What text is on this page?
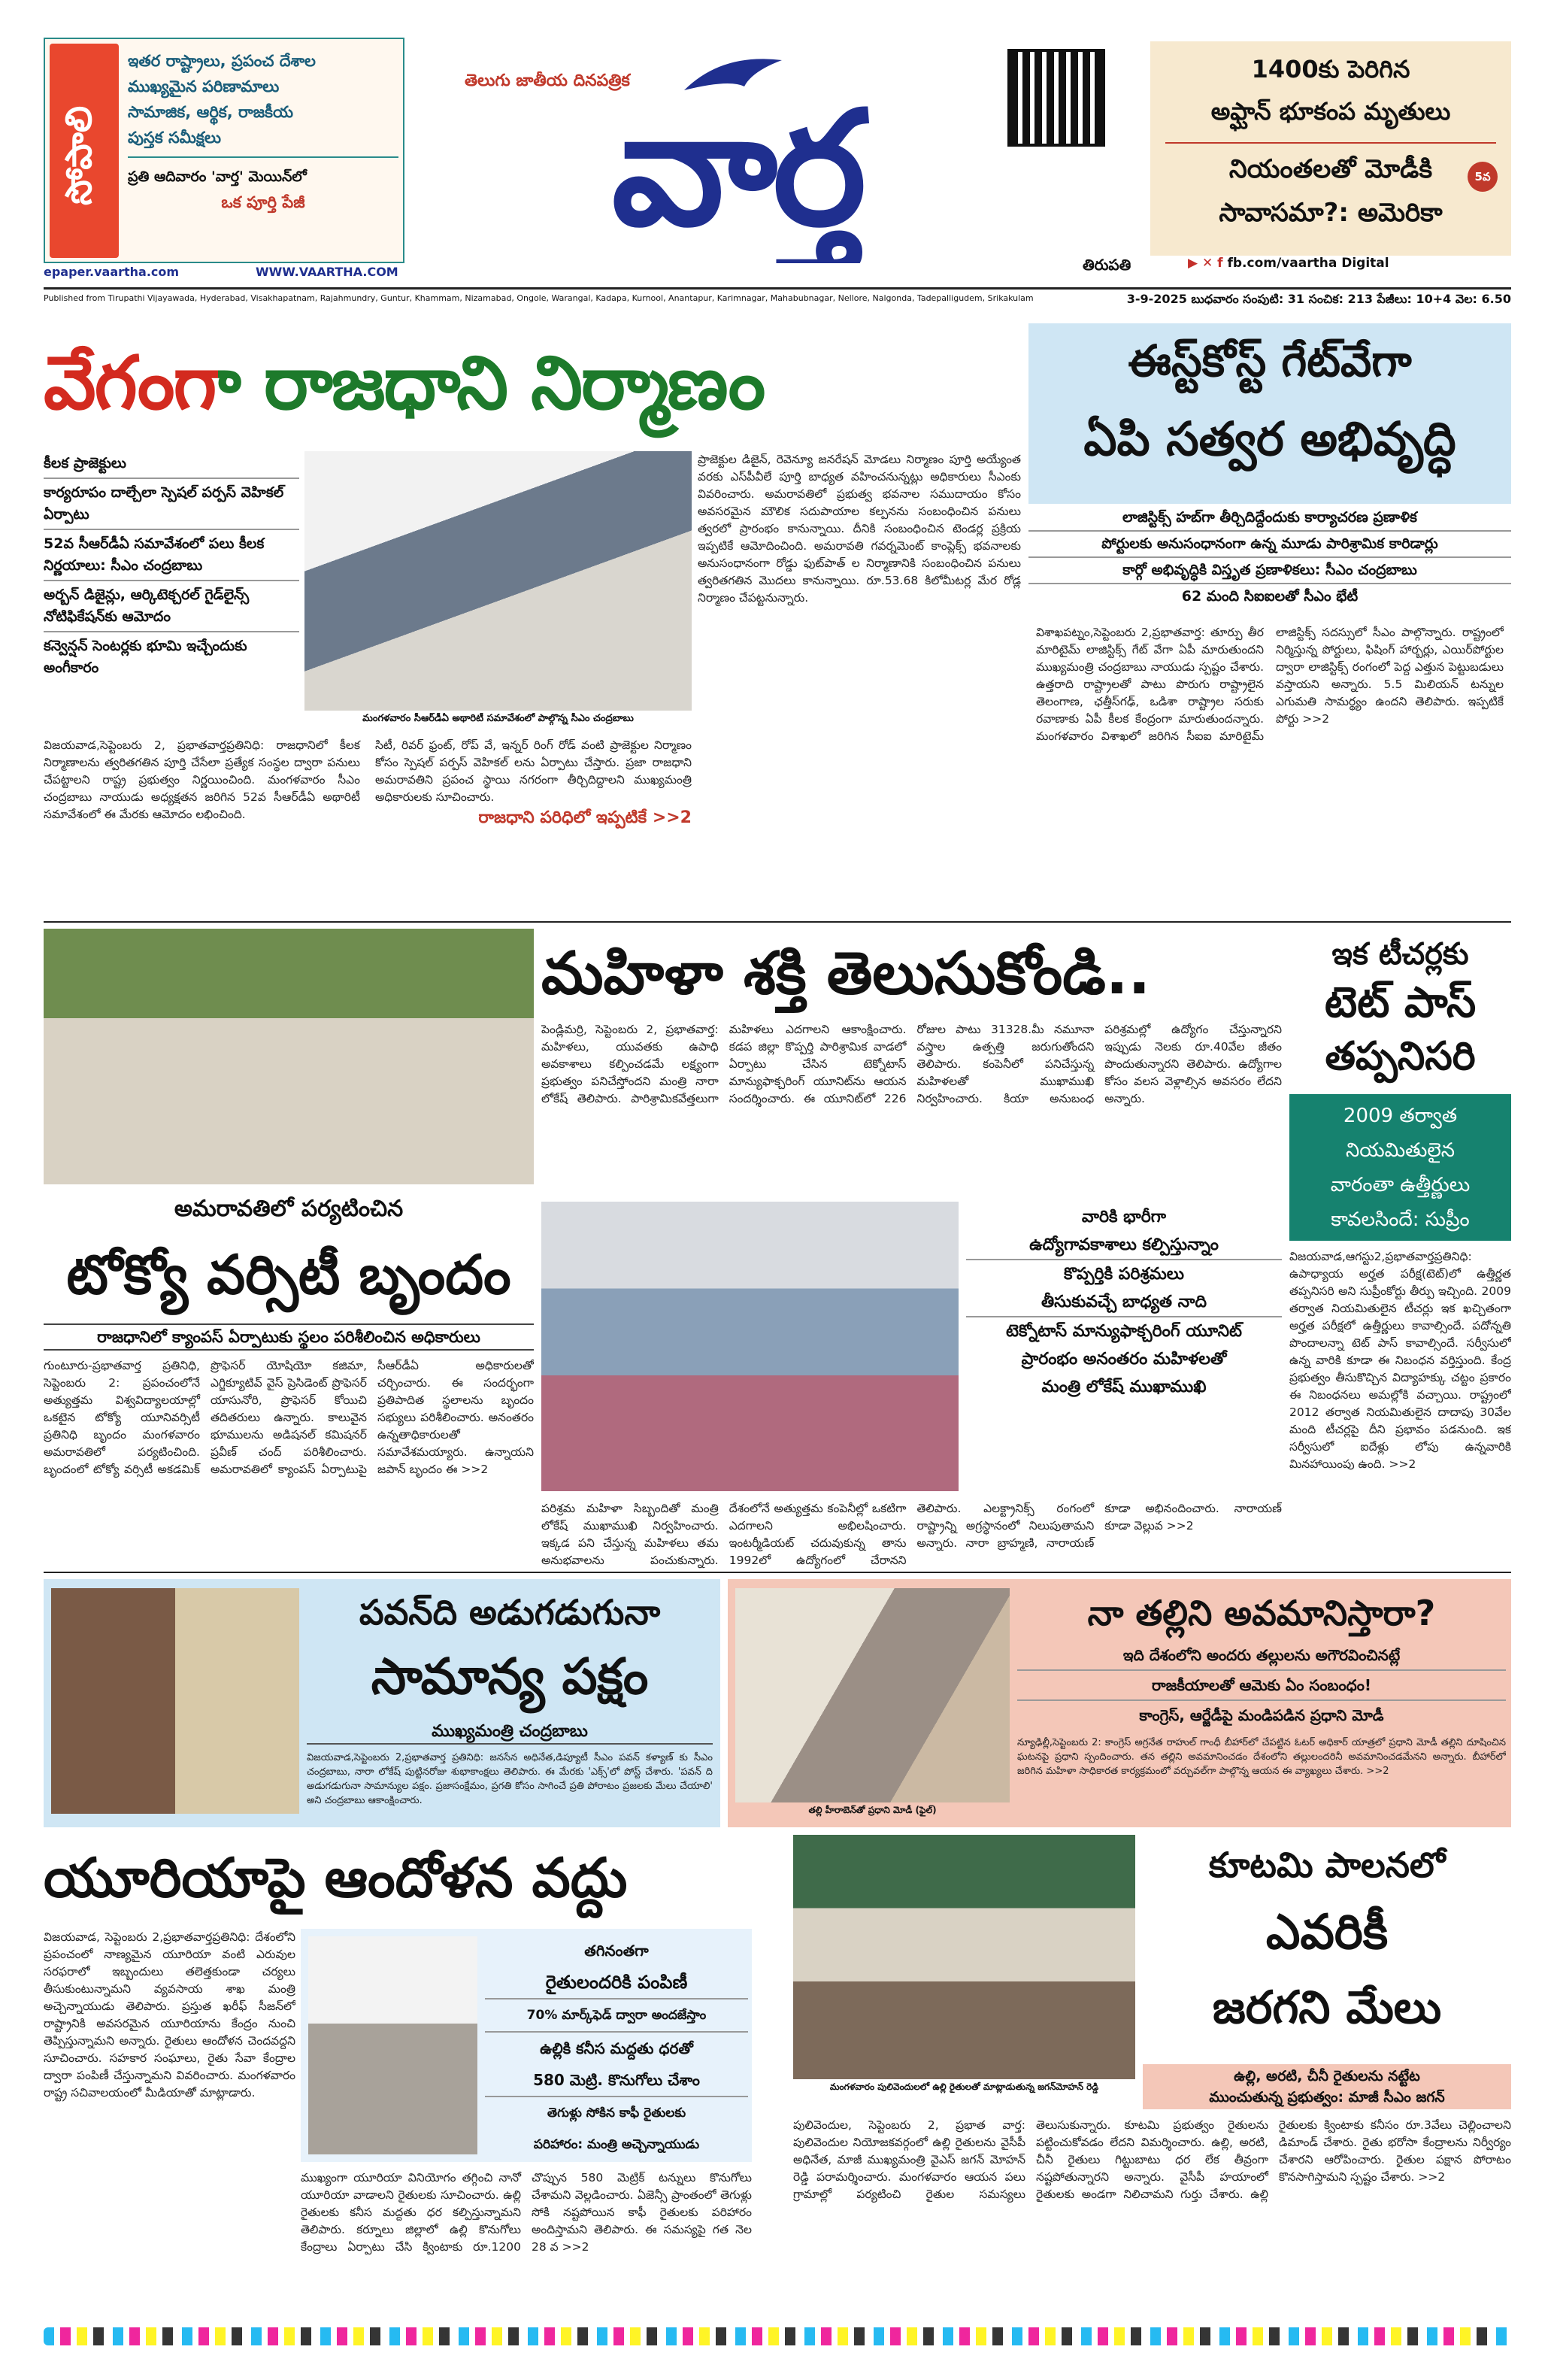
సోపాలి
ఇతర రాష్ట్రాలు, ప్రపంచ దేశాల
ముఖ్యమైన పరిణామాలు
సామాజిక, ఆర్థిక, రాజకీయ
పుస్తక సమీక్షలు
ప్రతి ఆదివారం 'వార్త' మెయిన్‌లో
ఒక పూర్తి పేజీ
epaper.vaartha.com	WWW.VAARTHA.COM
తెలుగు జాతీయ దినపత్రిక
వార్త
తిరుపతి	▶ ✕ f fb.com/vaartha Digital
1400కు పెరిగిన
అఫ్ఘాన్ భూకంప మృతులు
నియంతలతో మోడీకి
సావాసమా?: అమెరికా
5వ
Published from Tirupathi Vijayawada, Hyderabad, Visakhapatnam, Rajahmundry, Guntur, Khammam, Nizamabad, Ongole, Warangal, Kadapa, Kurnool, Anantapur, Karimnagar, Mahabubnagar, Nellore, Nalgonda, Tadepalligudem, Srikakulam	3-9-2025 బుధవారం సంపుటి: 31 సంచిక: 213 పేజీలు: 10+4 వెల: 6.50
వేగంగా రాజధాని నిర్మాణం
కీలక ప్రాజెక్టులు
కార్యరూపం దాల్చేలా స్పెషల్ పర్పస్ వెహికల్ ఏర్పాటు
52వ సీఆర్‌డీఏ సమావేశంలో పలు కీలక నిర్ణయాలు: సీఎం చంద్రబాబు
అర్బన్ డిజైన్లు, ఆర్కిటెక్చరల్ గైడ్‌లైన్స్ నోటిఫికేషన్‌కు ఆమోదం
కన్వెన్షన్ సెంటర్లకు భూమి ఇచ్చేందుకు అంగీకారం
మంగళవారం సీఆర్‌డీఏ అథారిటీ సమావేశంలో పాల్గొన్న సీఎం చంద్రబాబు

ప్రాజెక్టుల డిజైన్, రెవెన్యూ జనరేషన్ మోడలు నిర్మాణం పూర్తి అయ్యేంత వరకు ఎస్‌పీవీలే పూర్తి బాధ్యత వహించనున్నట్లు అధికారులు సీఎంకు వివరించారు. అమరావతిలో ప్రభుత్వ భవనాల సముదాయం కోసం అవసరమైన మౌలిక సదుపాయాల కల్పనను సంబంధించిన పనులు త్వరలో ప్రారంభం కానున్నాయి. దీనికి సంబంధించిన టెండర్ల ప్రక్రియ ఇప్పటికే ఆమోదించింది. అమరావతి గవర్నమెంట్ కాంప్లెక్స్ భవనాలకు అనుసంధానంగా రోడ్డు ఫుట్‌పాత్ ల నిర్మాణానికి సంబంధించిన పనులు త్వరితగతిన మొదలు కానున్నాయి. రూ.53.68 కిలోమీటర్ల మేర రోడ్ల నిర్మాణం చేపట్టనున్నారు.

విజయవాడ,సెప్టెంబరు 2, ప్రభాతవార్తప్రతినిధి: రాజధానిలో కీలక నిర్మాణాలను త్వరితగతిన పూర్తి చేసేలా ప్రత్యేక సంస్థల ద్వారా పనులు చేపట్టాలని రాష్ట్ర ప్రభుత్వం నిర్ణయించింది. మంగళవారం సీఎం చంద్రబాబు నాయుడు అధ్యక్షతన జరిగిన 52వ సీఆర్‌డీఏ అథారిటీ సమావేశంలో ఈ మేరకు ఆమోదం లభించింది.

సిటీ, రివర్ ఫ్రంట్, రోప్ వే, ఇన్నర్ రింగ్ రోడ్ వంటి ప్రాజెక్టుల నిర్మాణం కోసం స్పెషల్ పర్పస్ వెహికల్ లను ఏర్పాటు చేస్తారు. ప్రజా రాజధాని అమరావతిని ప్రపంచ స్థాయి నగరంగా తీర్చిదిద్దాలని ముఖ్యమంత్రి అధికారులకు సూచించారు.

రాజధాని పరిధిలో ఇప్పటికే >>2

ఈస్ట్‌కోస్ట్ గేట్‌వేగా
ఏపి సత్వర అభివృద్ధి
లాజిస్టిక్స్ హబ్‌గా తీర్చిదిద్దేందుకు కార్యాచరణ ప్రణాళిక
పోర్టులకు అనుసంధానంగా ఉన్న మూడు పారిశ్రామిక కారిడార్లు
కార్గో అభివృద్ధికి విస్తృత ప్రణాళికలు: సీఎం చంద్రబాబు
62 మంది సిఐఐలతో సీఎం భేటీ
విశాఖపట్నం,సెప్టెంబరు 2,ప్రభాతవార్త: తూర్పు తీర మారిటైమ్ లాజిస్టిక్స్ గేట్ వేగా ఏపీ మారుతుందని ముఖ్యమంత్రి చంద్రబాబు నాయుడు స్పష్టం చేశారు. ఉత్తరాది రాష్ట్రాలతో పాటు పొరుగు రాష్ట్రాలైన తెలంగాణ, ఛత్తీస్‌గఢ్, ఒడిశా రాష్ట్రాల సరుకు రవాణాకు ఏపీ కీలక కేంద్రంగా మారుతుందన్నారు. మంగళవారం విశాఖలో జరిగిన సీఐఐ మారిటైమ్ లాజిస్టిక్స్ సదస్సులో సీఎం పాల్గొన్నారు. రాష్ట్రంలో నిర్మిస్తున్న పోర్టులు, ఫిషింగ్ హార్బర్లు, ఎయిర్‌పోర్టుల ద్వారా లాజిస్టిక్స్ రంగంలో పెద్ద ఎత్తున పెట్టుబడులు వస్తాయని అన్నారు. 5.5 మిలియన్ టన్నుల ఎగుమతి సామర్థ్యం ఉందని తెలిపారు. ఇప్పటికే పోర్టు >>2
అమరావతిలో పర్యటించిన
టోక్యో వర్సిటీ బృందం
రాజధానిలో క్యాంపస్ ఏర్పాటుకు స్థలం పరిశీలించిన అధికారులు
గుంటూరు-ప్రభాతవార్త ప్రతినిధి, సెప్టెంబరు 2: ప్రపంచంలోనే అత్యుత్తమ విశ్వవిద్యాలయాల్లో ఒకటైన టోక్యో యూనివర్సిటీ ప్రతినిధి బృందం మంగళవారం అమరావతిలో పర్యటించింది. బృందంలో టోక్యో వర్సిటీ అకడమిక్ ప్రొఫెసర్ యోషియో కజిమా, ఎగ్జిక్యూటివ్ వైస్ ప్రెసిడెంట్ ప్రొఫెసర్ యాసునోరి, ప్రొఫెసర్ కోయిచి తదితరులు ఉన్నారు. కాలువైన భూములను అడిషనల్ కమిషనర్ ప్రవీణ్ చంద్ పరిశీలించారు. అమరావతిలో క్యాంపస్ ఏర్పాటుపై సీఆర్‌డీఏ అధికారులతో చర్చించారు. ఈ సందర్భంగా ప్రతిపాదిత స్థలాలను బృందం సభ్యులు పరిశీలించారు. అనంతరం ఉన్నతాధికారులతో సమావేశమయ్యారు. ఉన్నాయని జపాన్ బృందం ఈ >>2
మహిళా శక్తి తెలుసుకోండి..
పెండ్లిమర్రి, సెప్టెంబరు 2, ప్రభాతవార్త: మహిళలు, యువతకు ఉపాధి అవకాశాలు కల్పించడమే లక్ష్యంగా ప్రభుత్వం పనిచేస్తోందని మంత్రి నారా లోకేష్ తెలిపారు. పారిశ్రామికవేత్తలుగా మహిళలు ఎదగాలని ఆకాంక్షించారు. కడప జిల్లా కొప్పర్తి పారిశ్రామిక వాడలో ఏర్పాటు చేసిన టెక్నోటాస్ మాన్యుఫాక్చరింగ్ యూనిట్‌ను ఆయన సందర్శించారు. ఈ యూనిట్‌లో 226 రోజుల పాటు 31328.మీ నమూనా వస్త్రాల ఉత్పత్తి జరుగుతోందని తెలిపారు. కంపెనీలో పనిచేస్తున్న మహిళలతో ముఖాముఖి నిర్వహించారు. కియా అనుబంధ పరిశ్రమల్లో ఉద్యోగం చేస్తున్నారని ఇప్పుడు నెలకు రూ.40వేల జీతం పొందుతున్నారని తెలిపారు. ఉద్యోగాల కోసం వలస వెళ్లాల్సిన అవసరం లేదని అన్నారు.
వారికి భారీగా
ఉద్యోగావకాశాలు కల్పిస్తున్నాం
కొప్పర్తికి పరిశ్రమలు
తీసుకువచ్చే బాధ్యత నాది
టెక్నోటాస్ మాన్యుఫాక్చరింగ్ యూనిట్
ప్రారంభం అనంతరం మహిళలతో
మంత్రి లోకేష్ ముఖాముఖి
పరిశ్రమ మహిళా సిబ్బందితో మంత్రి లోకేష్ ముఖాముఖి నిర్వహించారు. ఇక్కడ పని చేస్తున్న మహిళలు తమ అనుభవాలను పంచుకున్నారు. దేశంలోనే అత్యుత్తమ కంపెనీల్లో ఒకటిగా ఎదగాలని అభిలషించారు. ఇంటర్మీడియట్ చదువుకున్న తాను 1992లో ఉద్యోగంలో చేరానని తెలిపారు. ఎలక్ట్రానిక్స్ రంగంలో రాష్ట్రాన్ని అగ్రస్థానంలో నిలుపుతామని అన్నారు. నారా బ్రాహ్మణి, నారాయణ్ కూడా అభినందించారు. నారాయణ్ కూడా వెల్లువ >>2
ఇక టీచర్లకు
టెట్ పాస్
తప్పనిసరి
2009 తర్వాత
నియమితులైన
వారంతా ఉత్తీర్ణులు
కావలసిందే: సుప్రీం
విజయవాడ,ఆగస్టు2,ప్రభాతవార్తప్రతినిధి: ఉపాధ్యాయ అర్హత పరీక్ష(టెట్)లో ఉత్తీర్ణత తప్పనిసరి అని సుప్రీంకోర్టు తీర్పు ఇచ్చింది. 2009 తర్వాత నియమితులైన టీచర్లు ఇక ఖచ్చితంగా అర్హత పరీక్షలో ఉత్తీర్ణులు కావాల్సిందే. పదోన్నతి పొందాలన్నా టెట్ పాస్ కావాల్సిందే. సర్వీసులో ఉన్న వారికి కూడా ఈ నిబంధన వర్తిస్తుంది. కేంద్ర ప్రభుత్వం తీసుకొచ్చిన విద్యాహక్కు చట్టం ప్రకారం ఈ నిబంధనలు అమల్లోకి వచ్చాయి. రాష్ట్రంలో 2012 తర్వాత నియమితులైన దాదాపు 30వేల మంది టీచర్లపై దీని ప్రభావం పడనుంది. ఇక సర్వీసులో ఐదేళ్లు లోపు ఉన్నవారికి మినహాయింపు ఉంది. >>2
పవన్‌ది అడుగడుగునా
సామాన్య పక్షం
ముఖ్యమంత్రి చంద్రబాబు
విజయవాడ,సెప్టెంబరు 2,ప్రభాతవార్త ప్రతినిధి: జనసేన అధినేత,డిప్యూటీ సీఎం పవన్ కళ్యాణ్ కు సీఎం చంద్రబాబు, నారా లోకేష్ పుట్టినరోజు శుభాకాంక్షలు తెలిపారు. ఈ మేరకు 'ఎక్స్'లో పోస్ట్ చేశారు. 'పవన్ ది అడుగడుగునా సామాన్యుల పక్షం. ప్రజాసంక్షేమం, ప్రగతి కోసం సాగించే ప్రతి పోరాటం ప్రజలకు మేలు చేయాలి' అని చంద్రబాబు ఆకాంక్షించారు.
తల్లి హీరాబెన్‌తో ప్రధాని మోడీ (ఫైల్)
నా తల్లిని అవమానిస్తారా?
ఇది దేశంలోని అందరు తల్లులను అగౌరవించినట్లే
రాజకీయాలతో ఆమెకు ఏం సంబంధం!
కాంగ్రెస్, ఆర్జేడీపై మండిపడిన ప్రధాని మోడీ
న్యూఢిల్లీ,సెప్టెంబరు 2: కాంగ్రెస్ అగ్రనేత రాహుల్ గాంధీ బీహార్‌లో చేపట్టిన ఓటర్ అధికార్ యాత్రలో ప్రధాని మోడీ తల్లిని దూషించిన ఘటనపై ప్రధాని స్పందించారు. తన తల్లిని అవమానించడం దేశంలోని తల్లులందరినీ అవమానించడమేనని అన్నారు. బీహార్‌లో జరిగిన మహిళా సాధికారత కార్యక్రమంలో వర్చువల్‌గా పాల్గొన్న ఆయన ఈ వ్యాఖ్యలు చేశారు. >>2
యూరియాపై ఆందోళన వద్దు
విజయవాడ, సెప్టెంబరు 2,ప్రభాతవార్తప్రతినిధి: దేశంలోని ప్రపంచంలో నాణ్యమైన యూరియా వంటి ఎరువుల సరఫరాలో ఇబ్బందులు తలెత్తకుండా చర్యలు తీసుకుంటున్నామని వ్యవసాయ శాఖ మంత్రి అచ్చెన్నాయుడు తెలిపారు. ప్రస్తుత ఖరీఫ్ సీజన్‌లో రాష్ట్రానికి అవసరమైన యూరియాను కేంద్రం నుంచి తెప్పిస్తున్నామని అన్నారు. రైతులు ఆందోళన చెందవద్దని సూచించారు. సహకార సంఘాలు, రైతు సేవా కేంద్రాల ద్వారా పంపిణీ చేస్తున్నామని వివరించారు. మంగళవారం రాష్ట్ర సచివాలయంలో మీడియాతో మాట్లాడారు.
తగినంతగా
రైతులందరికి పంపిణీ
70% మార్క్‌ఫెడ్ ద్వారా అందజేస్తాం
ఉల్లికి కనీస మద్దతు ధరతో
580 మెట్రి. కొనుగోలు చేశాం
తెగుళ్లు సోకిన కాఫీ రైతులకు
పరిహారం: మంత్రి అచ్చెన్నాయుడు
ముఖ్యంగా యూరియా వినియోగం తగ్గించి నానో యూరియా వాడాలని రైతులకు సూచించారు. ఉల్లి రైతులకు కనీస మద్దతు ధర కల్పిస్తున్నామని తెలిపారు. కర్నూలు జిల్లాలో ఉల్లి కొనుగోలు కేంద్రాలు ఏర్పాటు చేసి క్వింటాకు రూ.1200 చొప్పున 580 మెట్రిక్ టన్నులు కొనుగోలు చేశామని వెల్లడించారు. ఏజెన్సీ ప్రాంతంలో తెగుళ్లు సోకి నష్టపోయిన కాఫీ రైతులకు పరిహారం అందిస్తామని తెలిపారు. ఈ సమస్యపై గత నెల 28 వ >>2
మంగళవారం పులివెందులలో ఉల్లి రైతులతో మాట్లాడుతున్న జగన్‌మోహన్ రెడ్డి
కూటమి పాలనలో
ఎవరికీ
జరగని మేలు
ఉల్లి, అరటి, చీనీ రైతులను నట్టేట
ముంచుతున్న ప్రభుత్వం: మాజీ సీఎం జగన్
పులివెందుల, సెప్టెంబరు 2, ప్రభాత వార్త: పులివెందుల నియోజకవర్గంలో ఉల్లి రైతులను వైసీపీ అధినేత, మాజీ ముఖ్యమంత్రి వైఎస్ జగన్ మోహన్ రెడ్డి పరామర్శించారు. మంగళవారం ఆయన పలు గ్రామాల్లో పర్యటించి రైతుల సమస్యలు తెలుసుకున్నారు. కూటమి ప్రభుత్వం రైతులను పట్టించుకోవడం లేదని విమర్శించారు. ఉల్లి, అరటి, చీనీ రైతులు గిట్టుబాటు ధర లేక తీవ్రంగా నష్టపోతున్నారని అన్నారు. వైసీపీ హయాంలో రైతులకు అండగా నిలిచామని గుర్తు చేశారు. ఉల్లి రైతులకు క్వింటాకు కనీసం రూ.3వేలు చెల్లించాలని డిమాండ్ చేశారు. రైతు భరోసా కేంద్రాలను నిర్వీర్యం చేశారని ఆరోపించారు. రైతుల పక్షాన పోరాటం కొనసాగిస్తామని స్పష్టం చేశారు. >>2
